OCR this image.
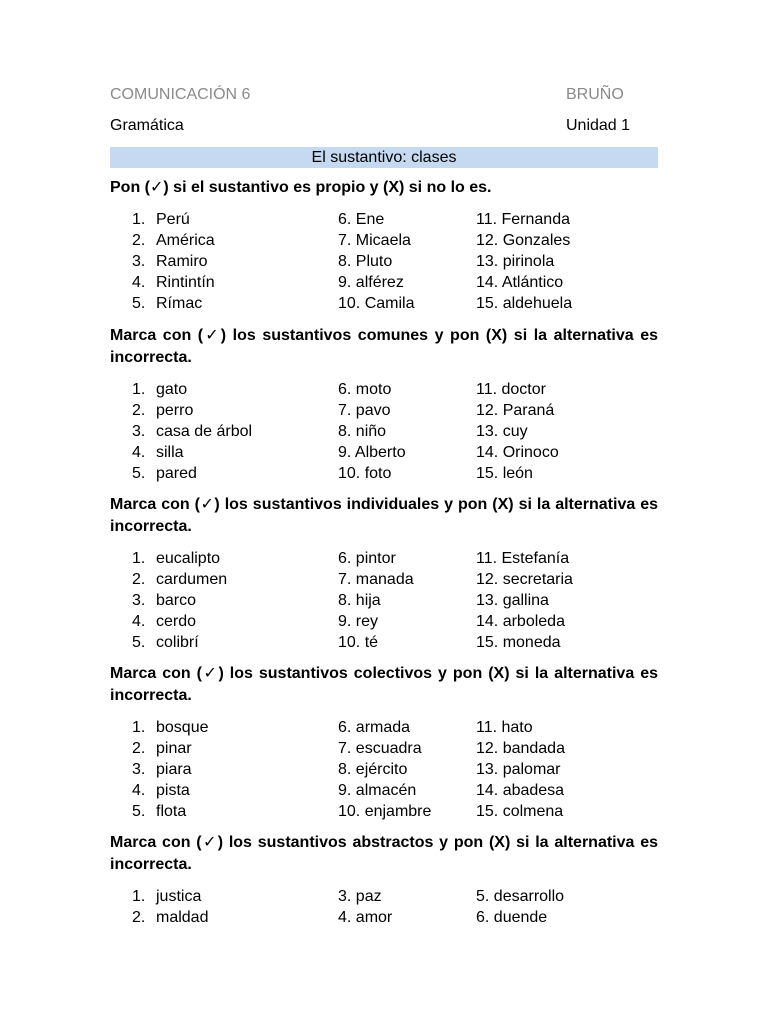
COMUNICACIÓN 6	BRUÑO
Gramática	Unidad 1
El sustantivo: clases

Pon (✓) si el sustantivo es propio y (X) si no lo es.

1. Perú
2. América
3. Ramiro
4. Rintintín
5. Rímac
6. Ene
7. Micaela
8. Pluto
9. alférez
10. Camila
11. Fernanda
12. Gonzales
13. pirinola
14. Atlántico
15. aldehuela

Marca con (✓) los sustantivos comunes y pon (X) si la alternativa es incorrecta.

1. gato
2. perro
3. casa de árbol
4. silla
5. pared
6. moto
7. pavo
8. niño
9. Alberto
10. foto
11. doctor
12. Paraná
13. cuy
14. Orinoco
15. león

Marca con (✓) los sustantivos individuales y pon (X) si la alternativa es incorrecta.

1. eucalipto
2. cardumen
3. barco
4. cerdo
5. colibrí
6. pintor
7. manada
8. hija
9. rey
10. té
11. Estefanía
12. secretaria
13. gallina
14. arboleda
15. moneda

Marca con (✓) los sustantivos colectivos y pon (X) si la alternativa es incorrecta.

1. bosque
2. pinar
3. piara
4. pista
5. flota
6. armada
7. escuadra
8. ejército
9. almacén
10. enjambre
11. hato
12. bandada
13. palomar
14. abadesa
15. colmena

Marca con (✓) los sustantivos abstractos y pon (X) si la alternativa es incorrecta.

1. justica
2. maldad
3. paz
4. amor
5. desarrollo
6. duende
